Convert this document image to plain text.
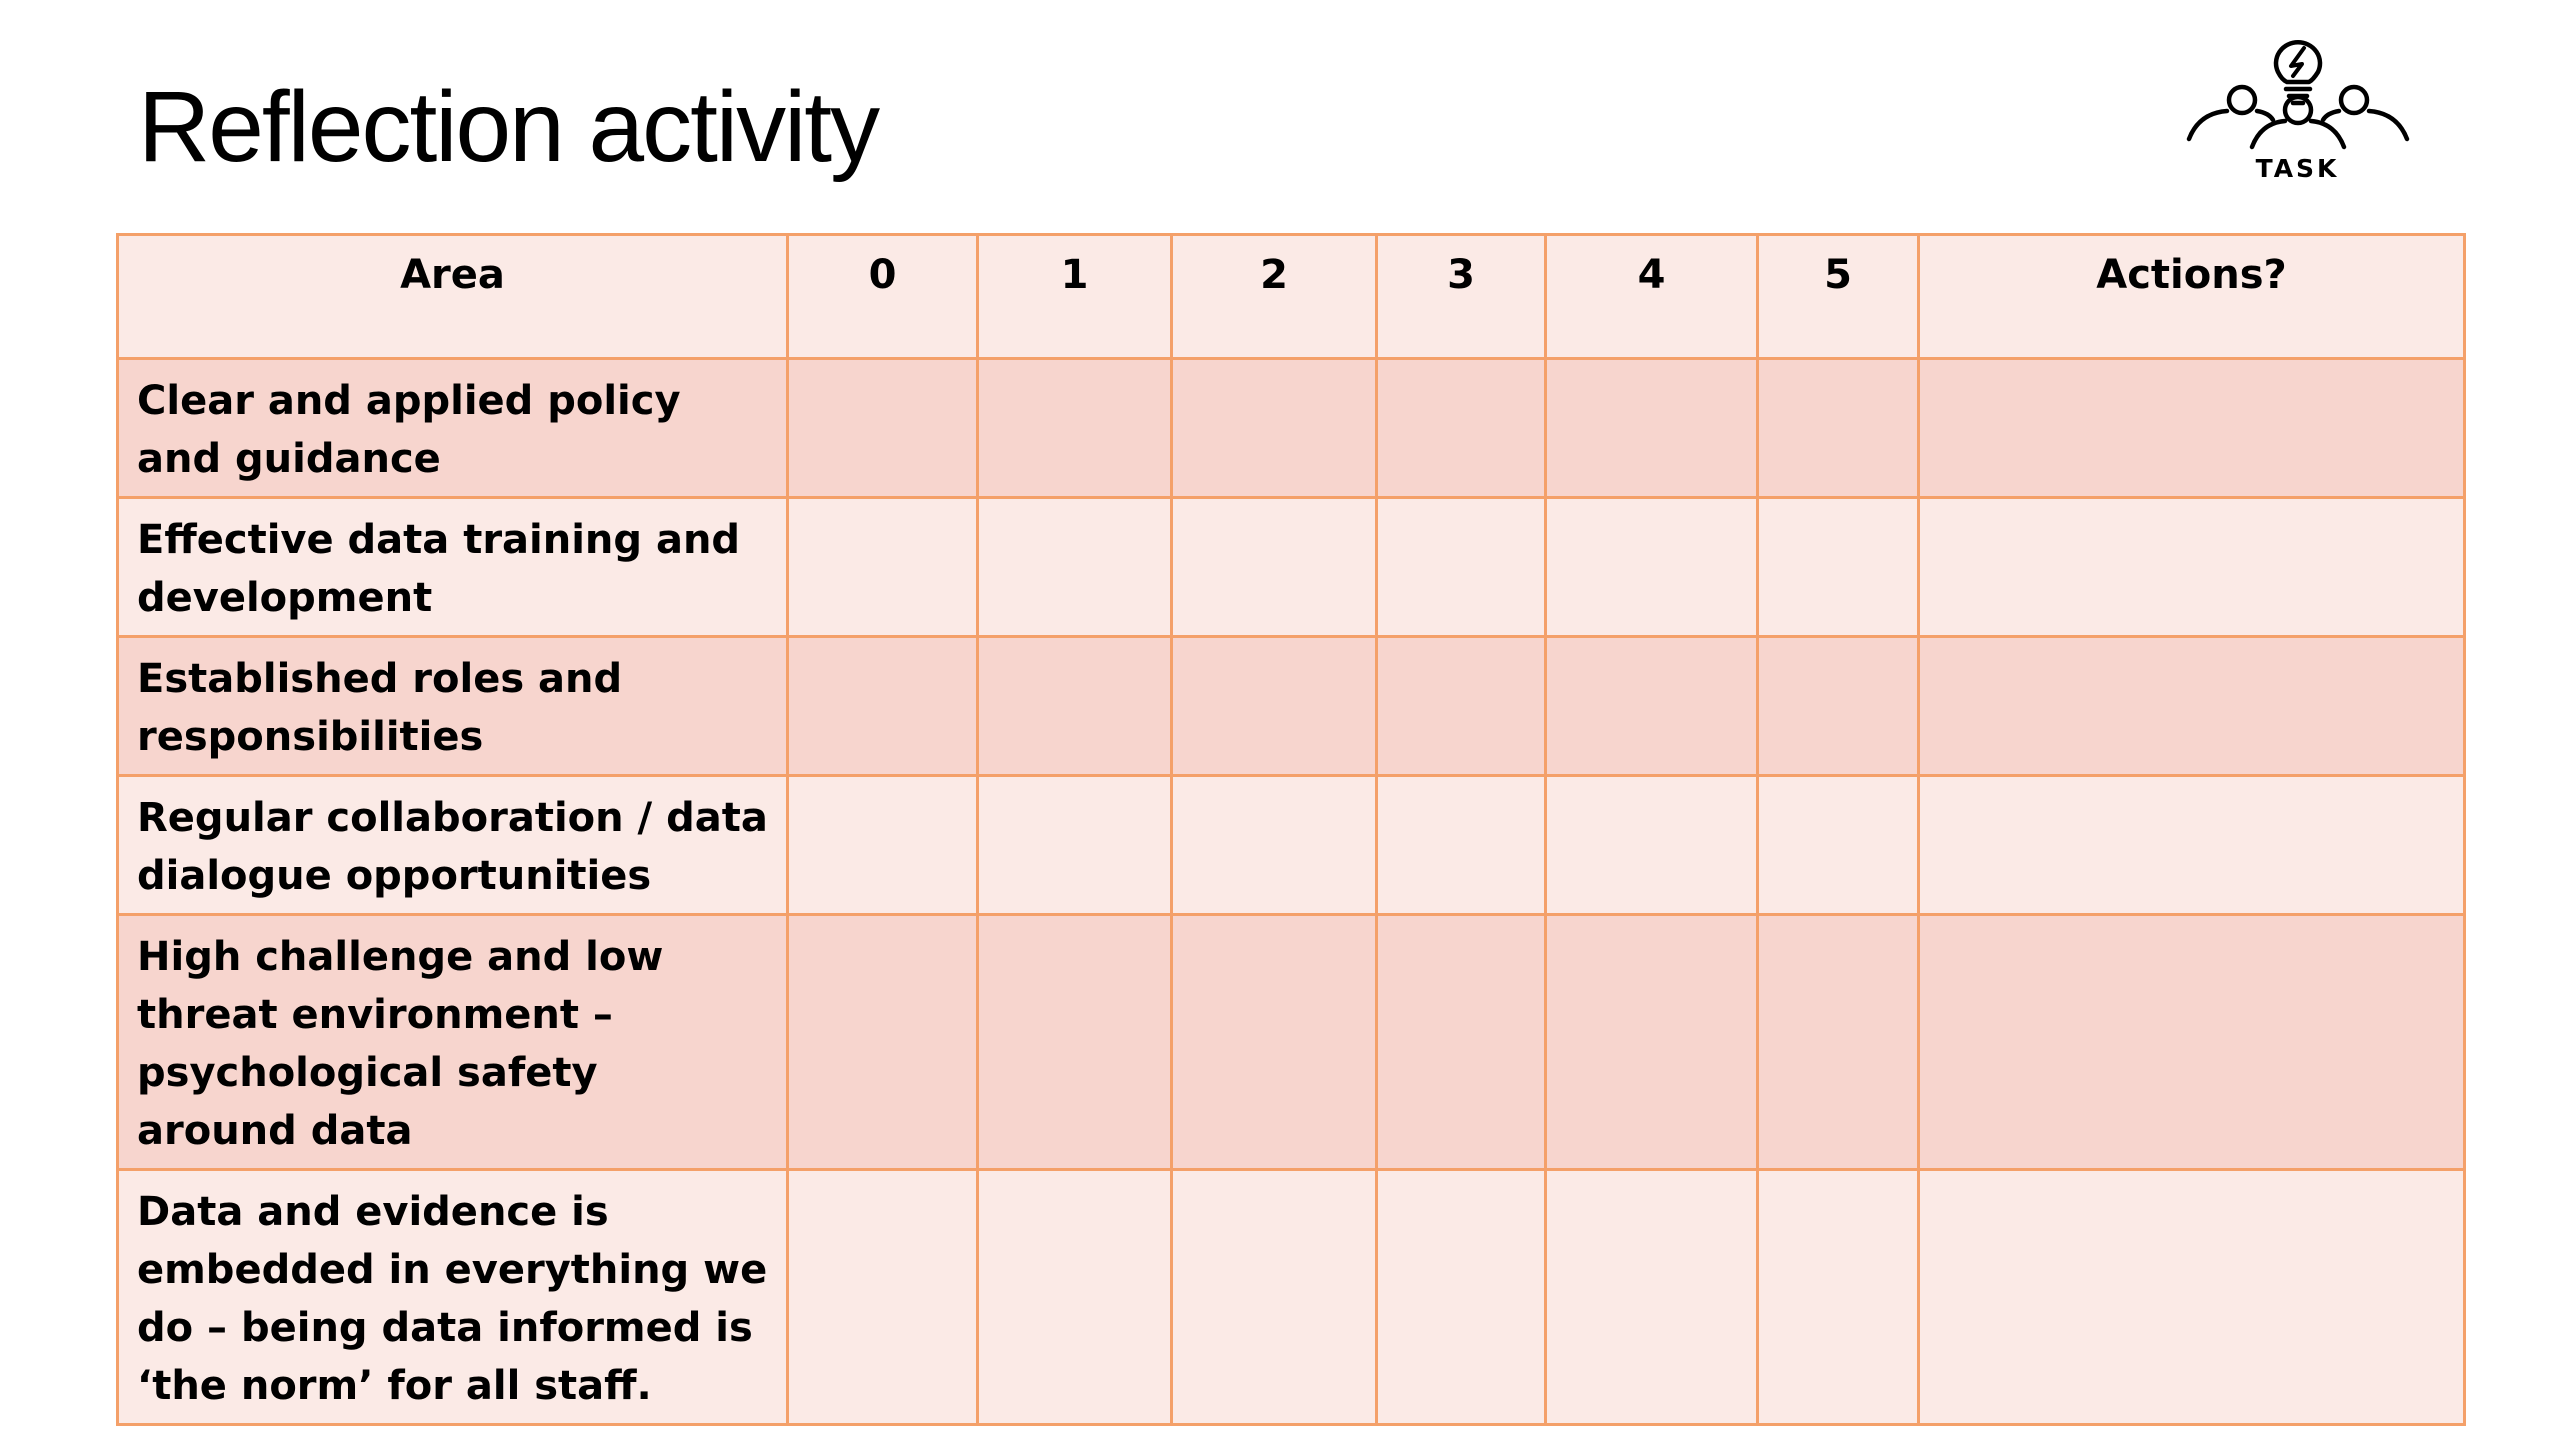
Reflection activity	TASK
Area	0	1	2	3	4	5	Actions?
Clear and applied policy and guidance							
Effective data training and development							
Established roles and responsibilities							
Regular collaboration / data dialogue opportunities							
High challenge and low threat environment – psychological safety around data							
Data and evidence is embedded in everything we do – being data informed is ‘the norm’ for all staff.							
